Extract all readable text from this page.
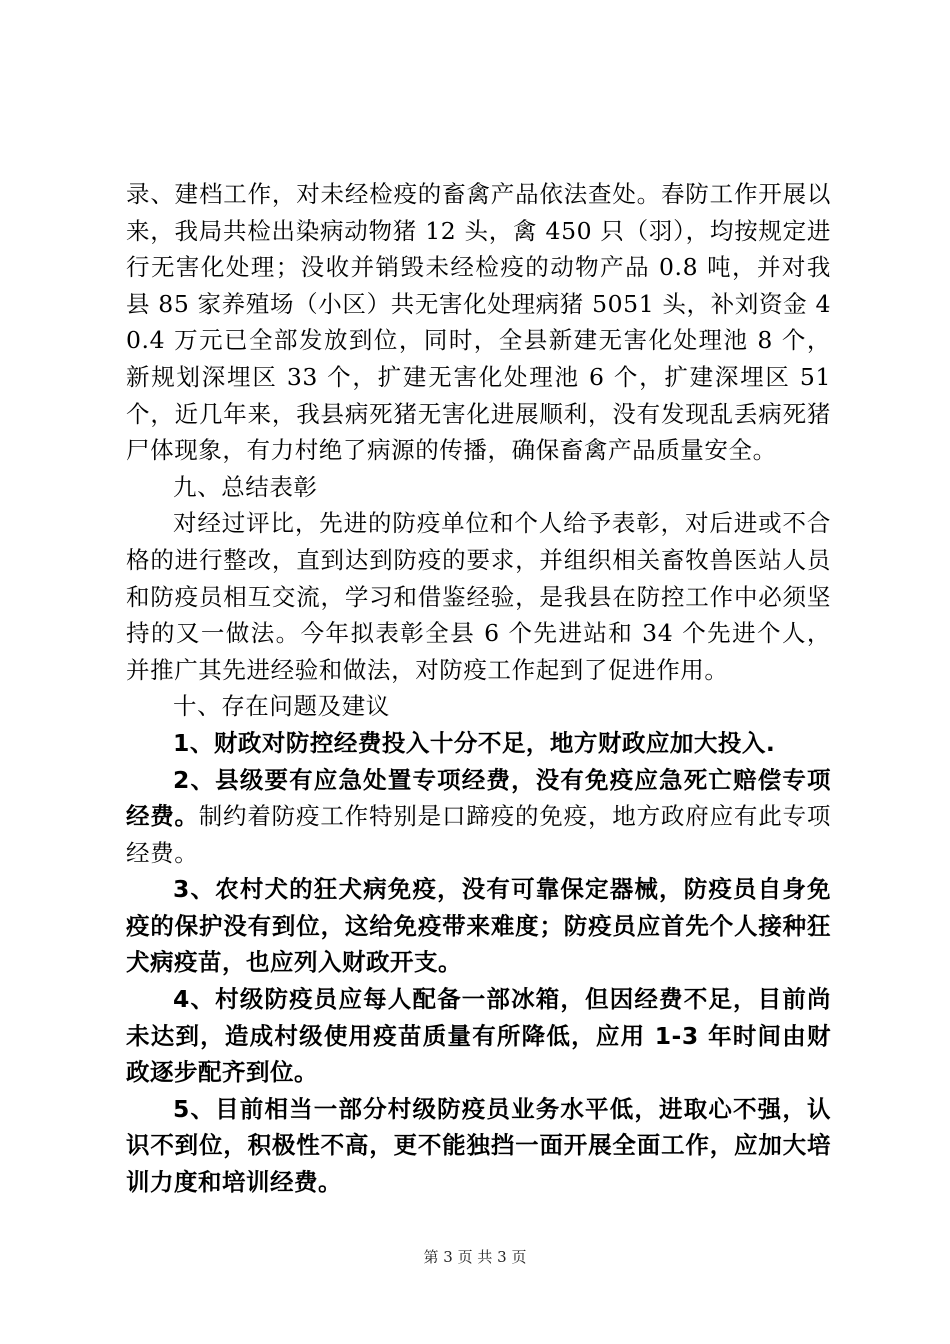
录、建档工作，对未经检疫的畜禽产品依法查处。春防工作开展以来，我局共检出染病动物猪 12 头，禽 450 只（羽），均按规定进行无害化处理；没收并销毁未经检疫的动物产品 0.8 吨，并对我县 85 家养殖场（小区）共无害化处理病猪 5051 头，补刘资金 40.4 万元已全部发放到位，同时，全县新建无害化处理池 8 个，新规划深埋区 33 个，扩建无害化处理池 6 个，扩建深埋区 51 个，近几年来，我县病死猪无害化进展顺利，没有发现乱丢病死猪尸体现象，有力村绝了病源的传播，确保畜禽产品质量安全。

九、总结表彰

对经过评比，先进的防疫单位和个人给予表彰，对后进或不合格的进行整改，直到达到防疫的要求，并组织相关畜牧兽医站人员和防疫员相互交流，学习和借鉴经验，是我县在防控工作中必须坚持的又一做法。今年拟表彰全县 6 个先进站和 34 个先进个人，并推广其先进经验和做法，对防疫工作起到了促进作用。

十、存在问题及建议

1、财政对防控经费投入十分不足，地方财政应加大投入.

2、县级要有应急处置专项经费，没有免疫应急死亡赔偿专项经费。制约着防疫工作特别是口蹄疫的免疫，地方政府应有此专项经费。

3、农村犬的狂犬病免疫，没有可靠保定器械，防疫员自身免疫的保护没有到位，这给免疫带来难度；防疫员应首先个人接种狂犬病疫苗，也应列入财政开支。

4、村级防疫员应每人配备一部冰箱，但因经费不足，目前尚未达到，造成村级使用疫苗质量有所降低，应用 1-3 年时间由财政逐步配齐到位。

5、目前相当一部分村级防疫员业务水平低，进取心不强，认识不到位，积极性不高，更不能独挡一面开展全面工作，应加大培训力度和培训经费。

第 3 页 共 3 页
